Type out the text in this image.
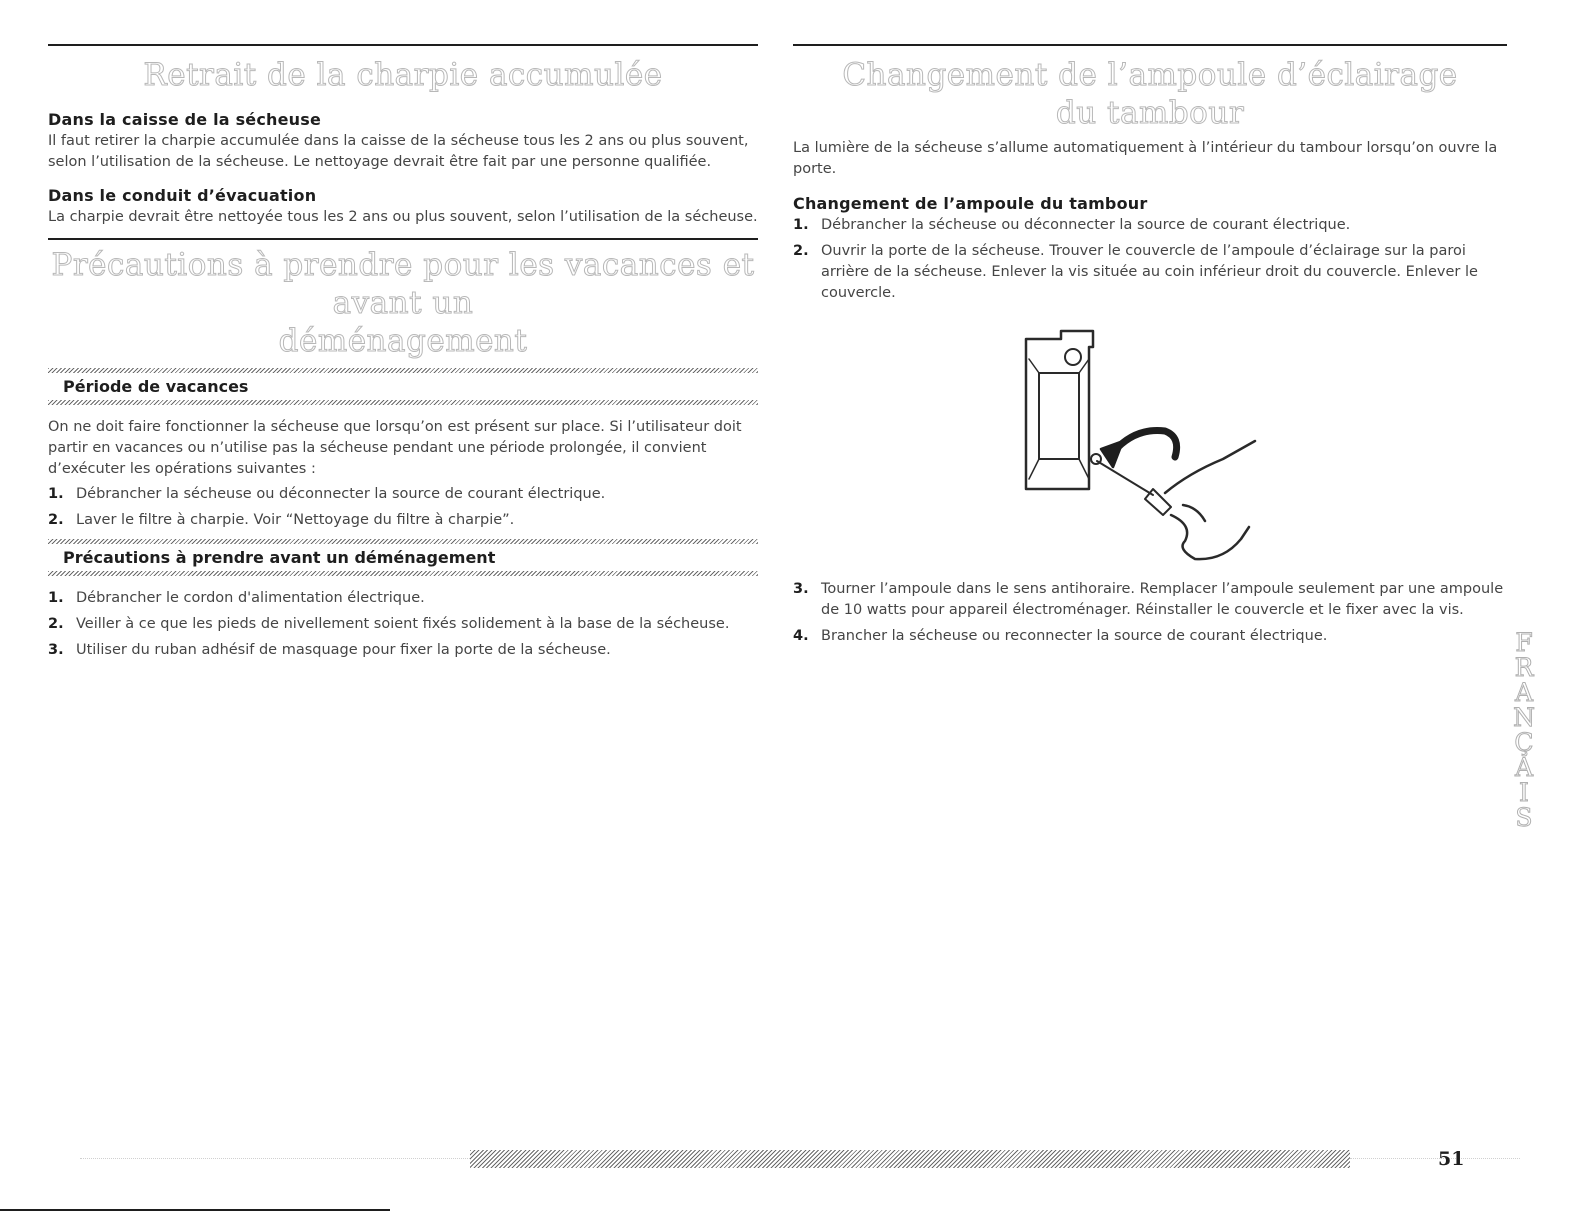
Retrait de la charpie accumulée
Dans la caisse de la sécheuse

Il faut retirer la charpie accumulée dans la caisse de la sécheuse tous les 2 ans ou plus souvent, selon l’utilisation de la sécheuse. Le nettoyage devrait être fait par une personne qualifiée.

Dans le conduit d’évacuation

La charpie devrait être nettoyée tous les 2 ans ou plus souvent, selon l’utilisation de la sécheuse.

Précautions à prendre pour les vacances et avant un
déménagement
Période de vacances

On ne doit faire fonctionner la sécheuse que lorsqu’on est présent sur place. Si l’utilisateur doit partir en vacances ou n’utilise pas la sécheuse pendant une période prolongée, il convient d’exécuter les opérations suivantes :

1. Débrancher la sécheuse ou déconnecter la source de courant électrique.
2. Laver le filtre à charpie. Voir “Nettoyage du filtre à charpie”.
Précautions à prendre avant un déménagement
1. Débrancher le cordon d'alimentation électrique.
2. Veiller à ce que les pieds de nivellement soient fixés solidement à la base de la sécheuse.
3. Utiliser du ruban adhésif de masquage pour fixer la porte de la sécheuse.
Changement de l’ampoule d’éclairage
du tambour

La lumière de la sécheuse s’allume automatiquement à l’intérieur du tambour lorsqu’on ouvre la porte.

Changement de l’ampoule du tambour
1. Débrancher la sécheuse ou déconnecter la source de courant électrique.
2. Ouvrir la porte de la sécheuse. Trouver le couvercle de l’ampoule d’éclairage sur la paroi arrière de la sécheuse. Enlever la vis située au coin inférieur droit du couvercle. Enlever le couvercle.
3. Tourner l’ampoule dans le sens antihoraire. Remplacer l’ampoule seulement par une ampoule de 10 watts pour appareil électroménager. Réinstaller le couvercle et le fixer avec la vis.
4. Brancher la sécheuse ou reconnecter la source de courant électrique.	F
R
A
N
Ç
A
I
S
51
